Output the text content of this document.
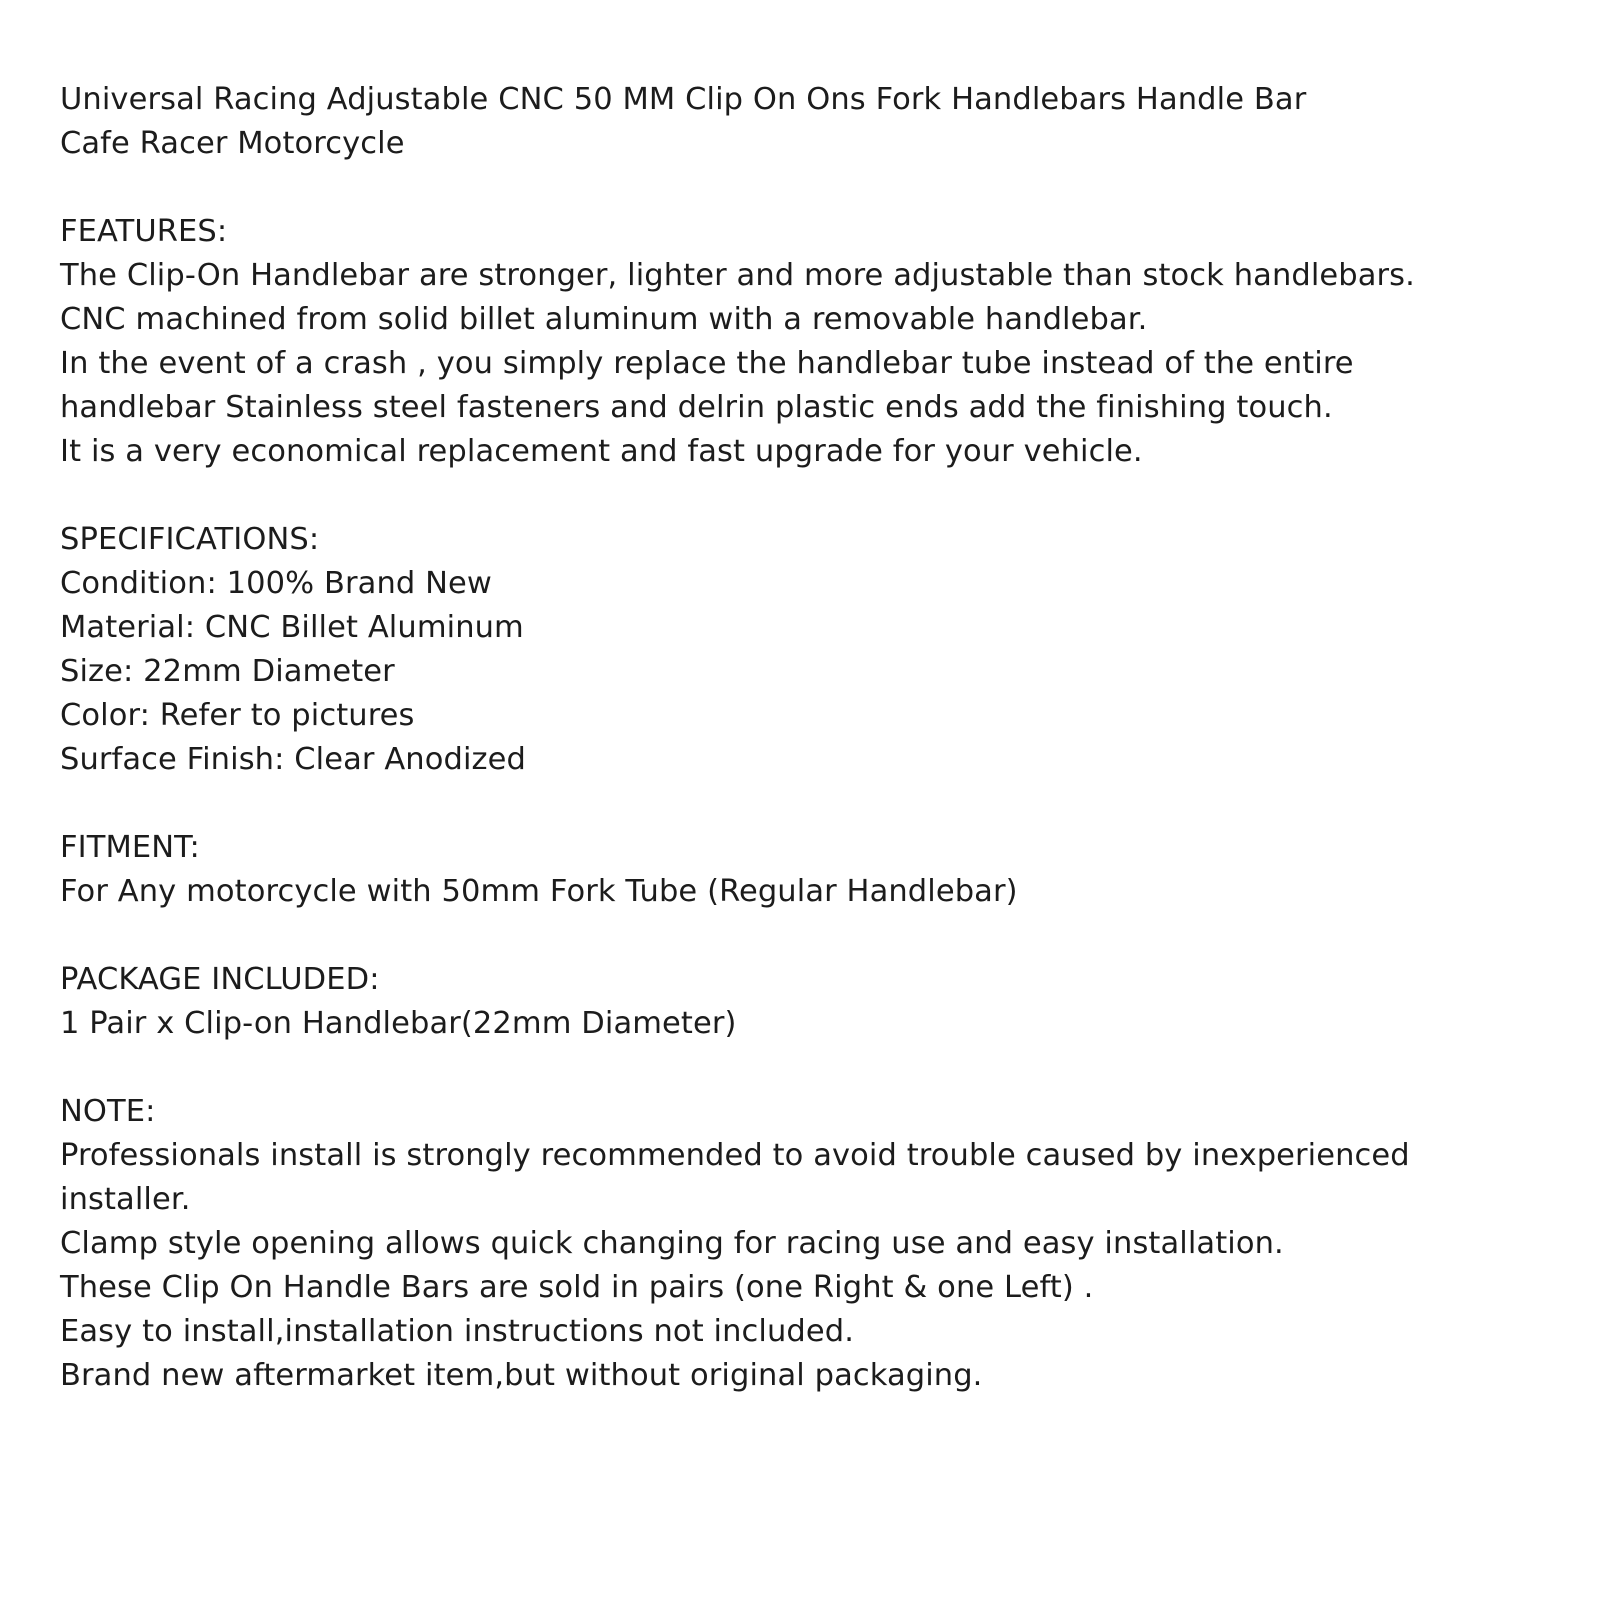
Universal Racing Adjustable CNC 50 MM Clip On Ons Fork Handlebars Handle Bar
Cafe Racer Motorcycle
FEATURES:
The Clip-On Handlebar are stronger, lighter and more adjustable than stock handlebars.
CNC machined from solid billet aluminum with a removable handlebar.
In the event of a crash , you simply replace the handlebar tube instead of the entire
handlebar Stainless steel fasteners and delrin plastic ends add the finishing touch.
It is a very economical replacement and fast upgrade for your vehicle.
SPECIFICATIONS:
Condition: 100% Brand New
Material: CNC Billet Aluminum
Size: 22mm Diameter
Color: Refer to pictures
Surface Finish: Clear Anodized
FITMENT:
For Any motorcycle with 50mm Fork Tube (Regular Handlebar)
PACKAGE INCLUDED:
1 Pair x Clip-on Handlebar(22mm Diameter)
NOTE:
Professionals install is strongly recommended to avoid trouble caused by inexperienced installer.
Clamp style opening allows quick changing for racing use and easy installation.
These Clip On Handle Bars are sold in pairs (one Right & one Left) .
Easy to install,installation instructions not included.
Brand new aftermarket item,but without original packaging.
